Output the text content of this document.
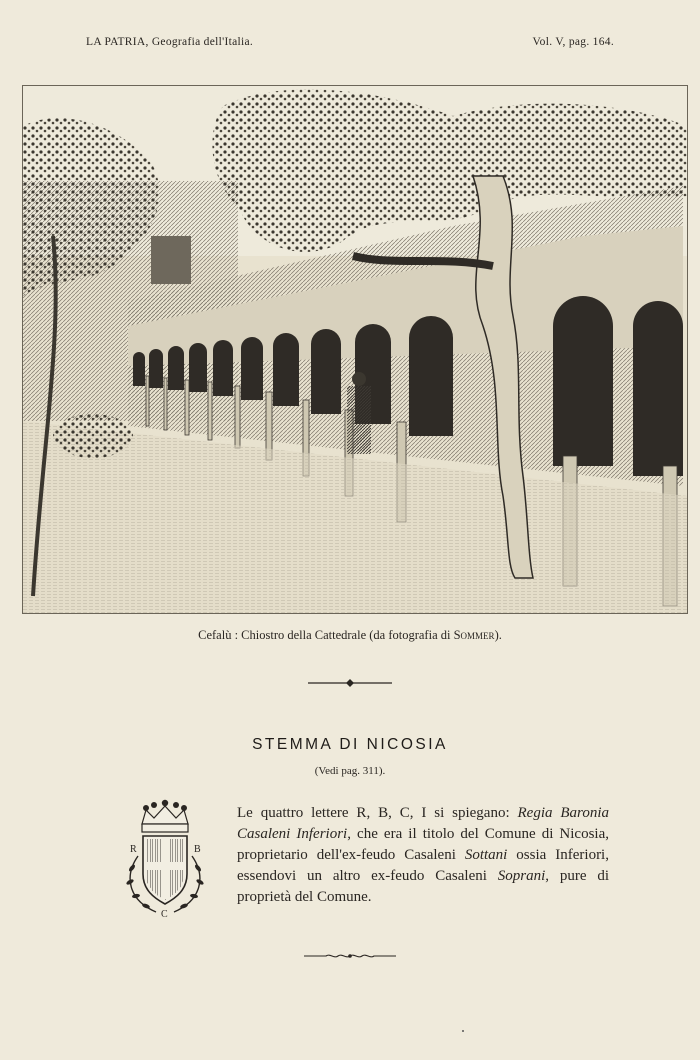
LA PATRIA, Geografia dell'Italia.	Vol. V, pag. 164.
Cefalù : Chiostro della Cattedrale (da fotografia di Sommer).
STEMMA DI NICOSIA
(Vedi pag. 311).
R	B
C
Le quattro lettere R, B, C, I si spiegano: Regia Baronia Casaleni Inferiori, che era il titolo del Comune di Nicosia, proprietario dell'ex-feudo Casaleni Sottani ossia Inferiori, essendovi un altro ex-feudo Casaleni Soprani, pure di proprietà del Comune.
